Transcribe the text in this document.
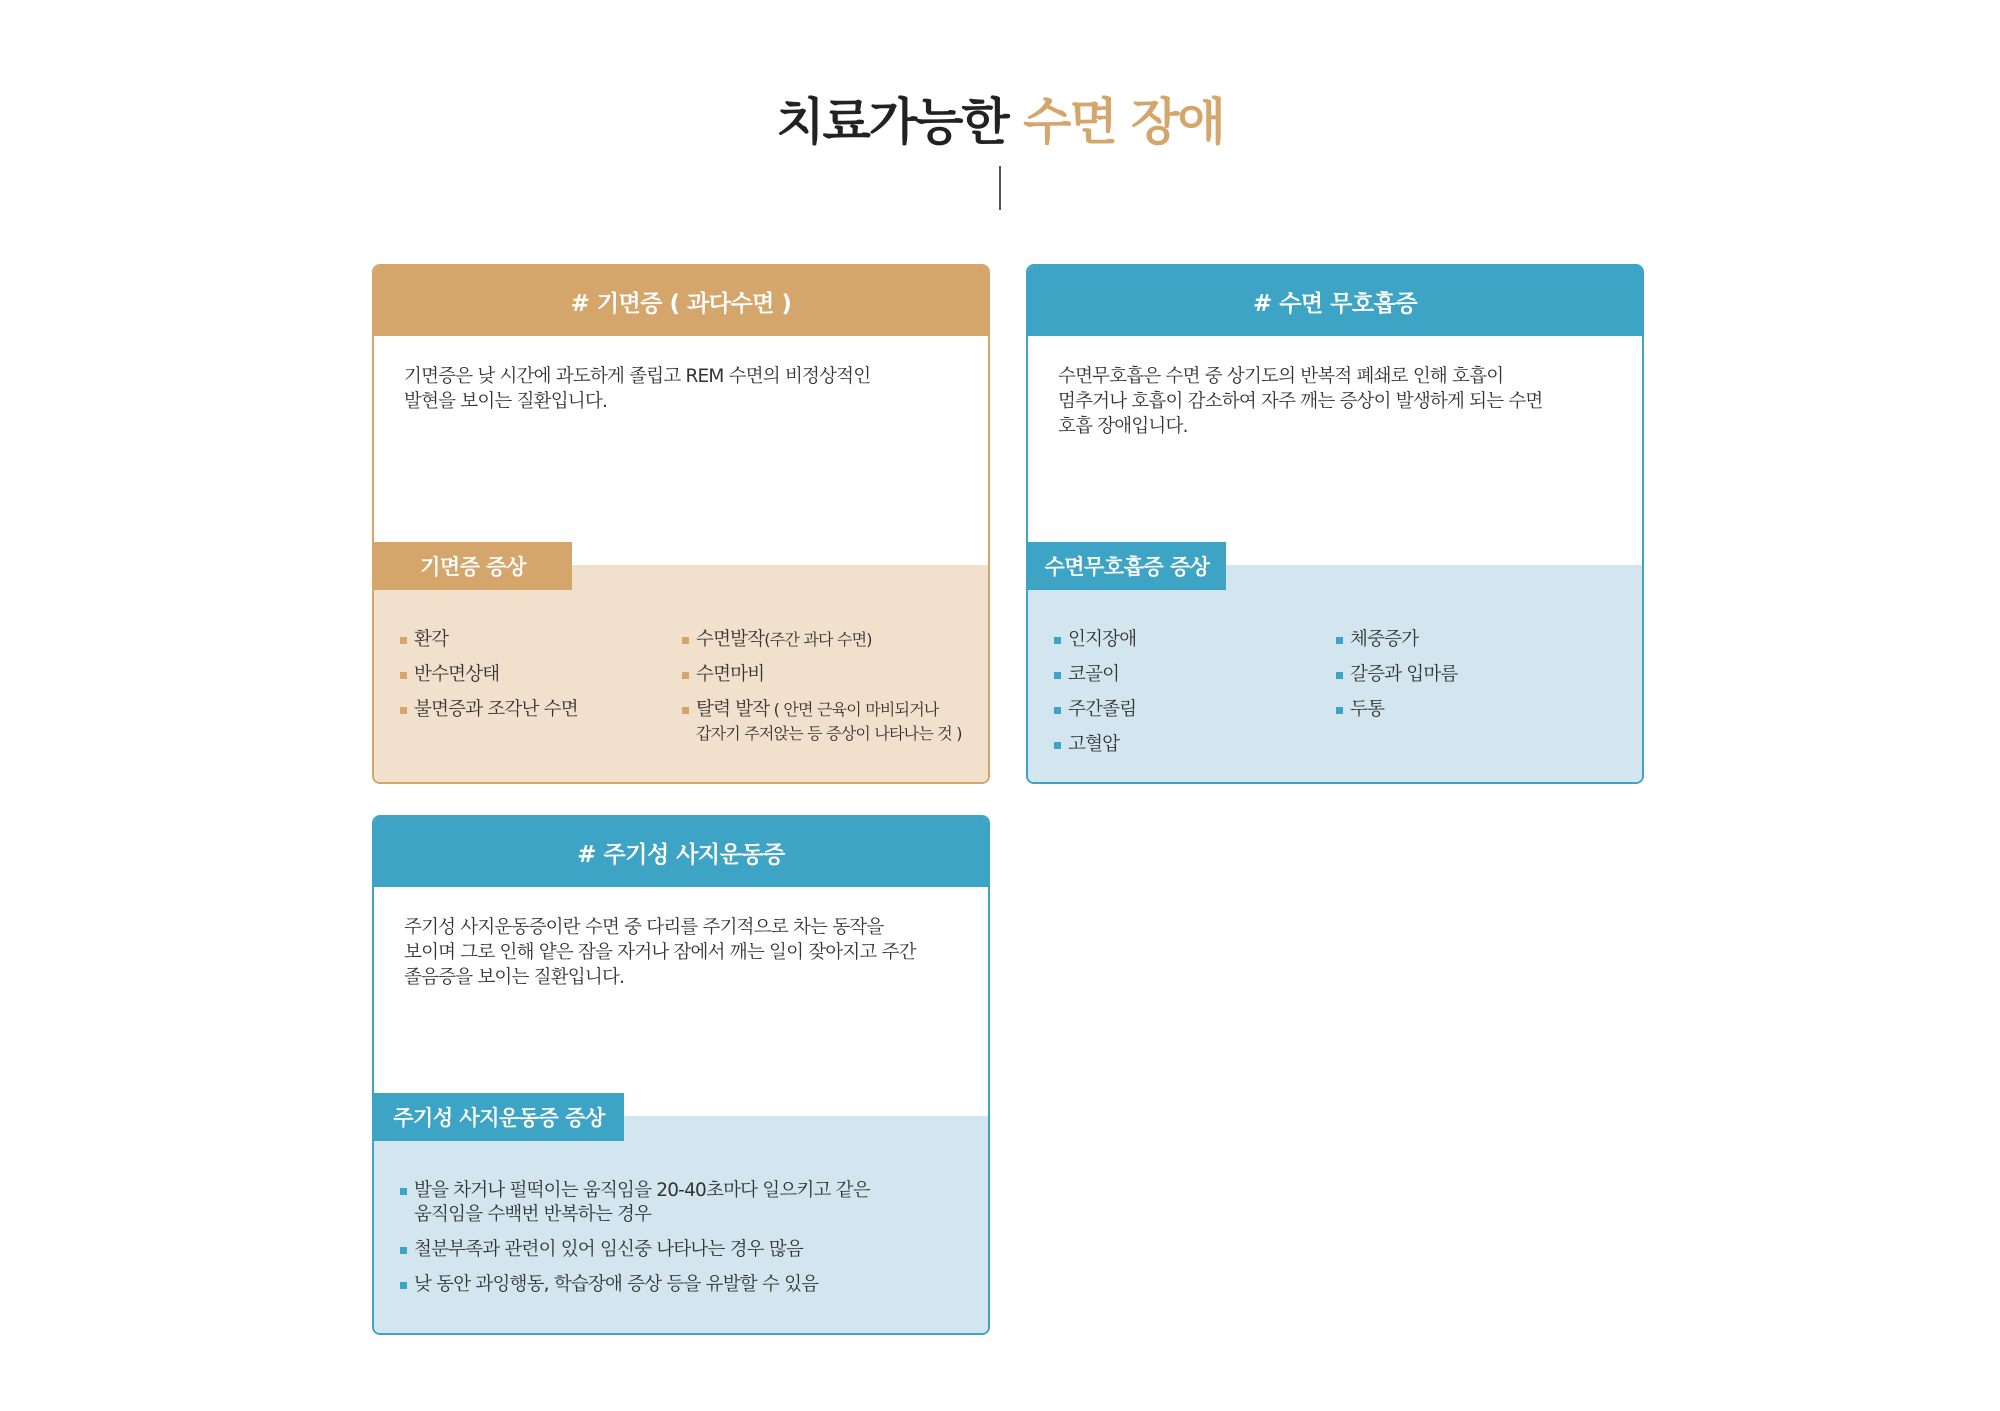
치료가능한 수면 장애
# 기면증 ( 과다수면 )
기면증은 낮 시간에 과도하게 졸립고 REM 수면의 비정상적인
발현을 보이는 질환입니다.
기면증 증상
환각
반수면상태
불면증과 조각난 수면
수면발작(주간 과다 수면)
수면마비
탈력 발작 ( 안면 근육이 마비되거나
갑자기 주저앉는 등 증상이 나타나는 것 )
# 수면 무호흡증
수면무호흡은 수면 중 상기도의 반복적 폐쇄로 인해 호흡이
멈추거나 호흡이 감소하여 자주 깨는 증상이 발생하게 되는 수면
호흡 장애입니다.
수면무호흡증 증상
인지장애
코골이
주간졸림
고혈압
체중증가
갈증과 입마름
두통
# 주기성 사지운동증
주기성 사지운동증이란 수면 중 다리를 주기적으로 차는 동작을
보이며 그로 인해 얕은 잠을 자거나 잠에서 깨는 일이 잦아지고 주간
졸음증을 보이는 질환입니다.
주기성 사지운동증 증상
발을 차거나 펄떡이는 움직임을 20-40초마다 일으키고 같은
움직임을 수백번 반복하는 경우
철분부족과 관련이 있어 임신중 나타나는 경우 많음
낮 동안 과잉행동, 학습장애 증상 등을 유발할 수 있음
